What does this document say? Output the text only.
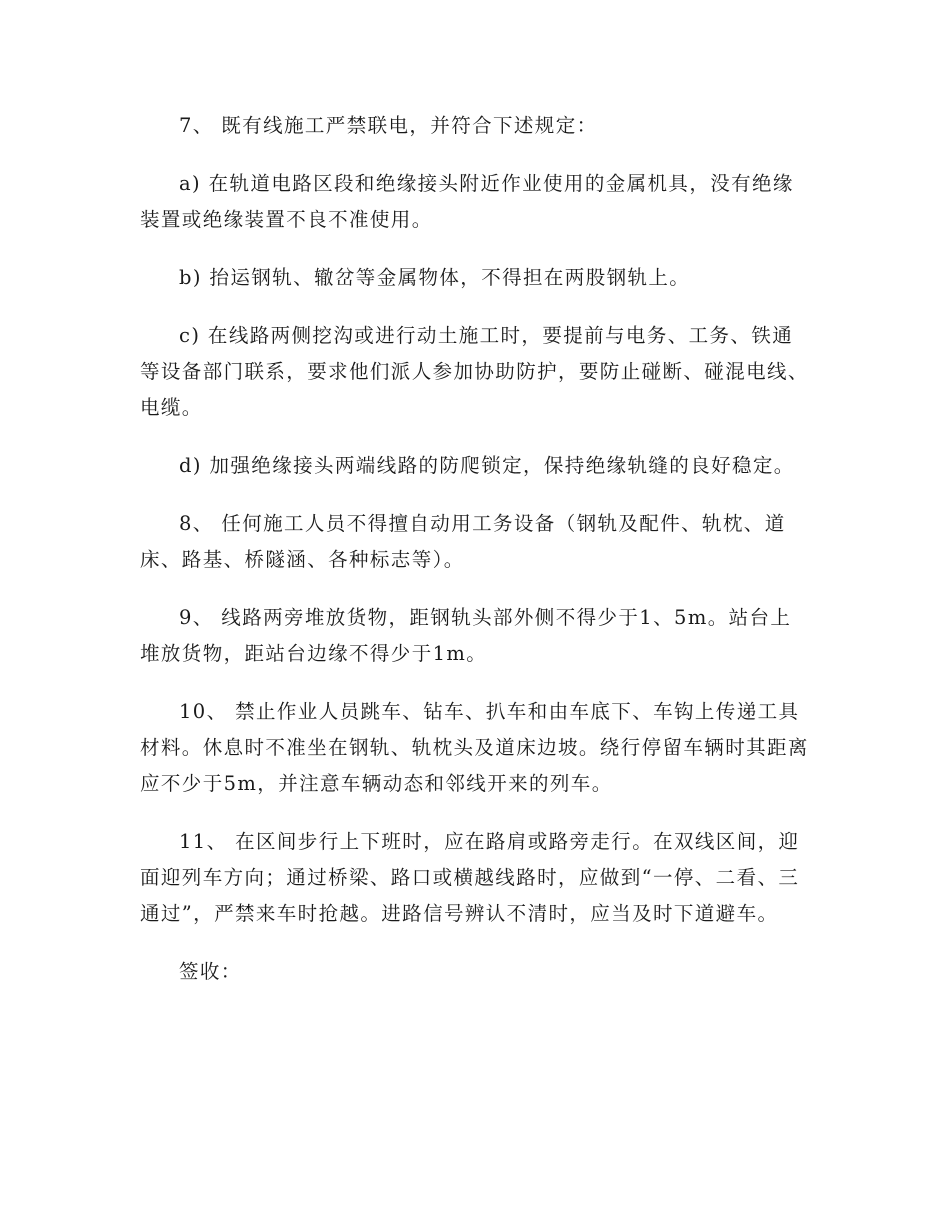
7、 既有线施工严禁联电，并符合下述规定：

a) 在轨道电路区段和绝缘接头附近作业使用的金属机具，没有绝缘装置或绝缘装置不良不准使用。

b) 抬运钢轨、辙岔等金属物体，不得担在两股钢轨上。

c) 在线路两侧挖沟或进行动土施工时，要提前与电务、工务、铁通等设备部门联系，要求他们派人参加协助防护，要防止碰断、碰混电线、电缆。

d) 加强绝缘接头两端线路的防爬锁定，保持绝缘轨缝的良好稳定。

8、 任何施工人员不得擅自动用工务设备（钢轨及配件、轨枕、道床、路基、桥隧涵、各种标志等）。

9、 线路两旁堆放货物，距钢轨头部外侧不得少于1、5m。站台上堆放货物，距站台边缘不得少于1m。

10、 禁止作业人员跳车、钻车、扒车和由车底下、车钩上传递工具材料。休息时不准坐在钢轨、轨枕头及道床边坡。绕行停留车辆时其距离应不少于5m，并注意车辆动态和邻线开来的列车。

11、 在区间步行上下班时，应在路肩或路旁走行。在双线区间，迎面迎列车方向；通过桥梁、路口或横越线路时，应做到“一停、二看、三通过”，严禁来车时抢越。进路信号辨认不清时，应当及时下道避车。

签收：
